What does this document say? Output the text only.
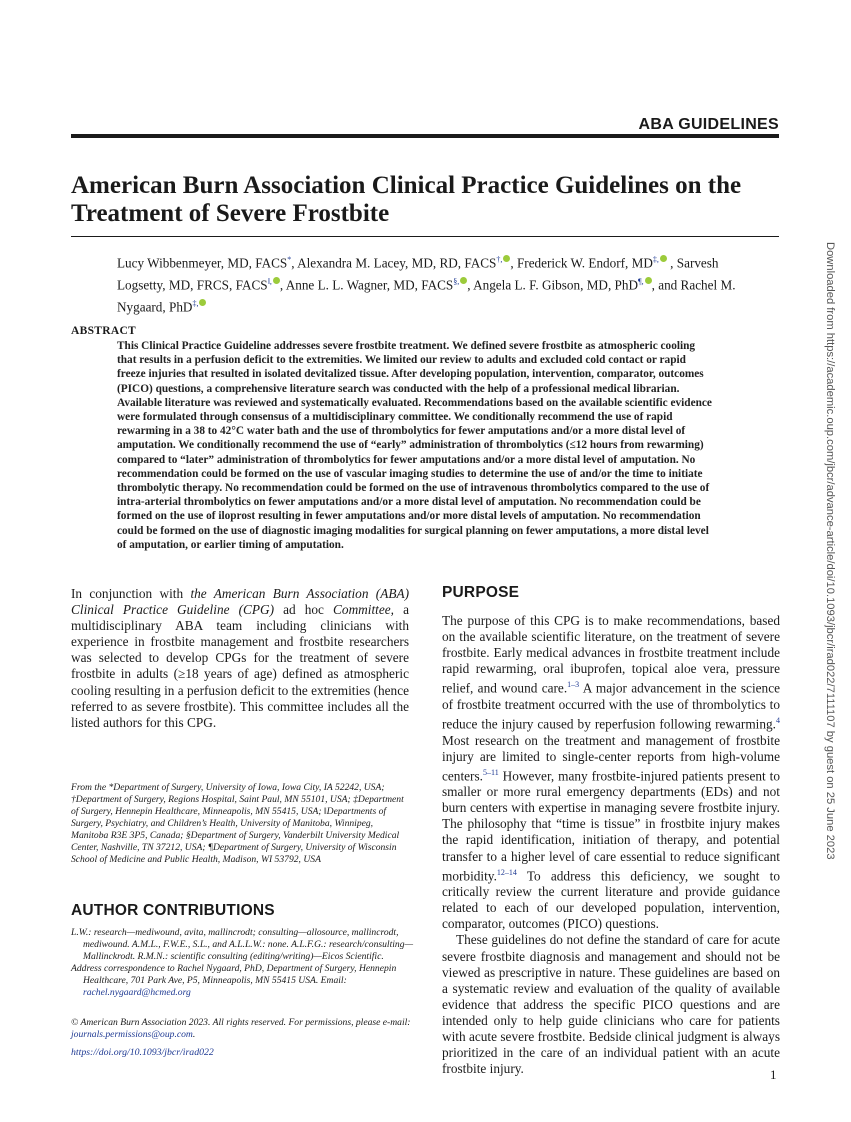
ABA GUIDELINES
American Burn Association Clinical Practice Guidelines on the Treatment of Severe Frostbite
Lucy Wibbenmeyer, MD, FACS*, Alexandra M. Lacey, MD, RD, FACS†, , Frederick W. Endorf, MD‡, , Sarvesh Logsetty, MD, FRCS, FACS‖, , Anne L. L. Wagner, MD, FACS§, , Angela L. F. Gibson, MD, PhD¶, , and Rachel M. Nygaard, PhD‡,
ABSTRACT
This Clinical Practice Guideline addresses severe frostbite treatment. We defined severe frostbite as atmospheric cooling that results in a perfusion deficit to the extremities. We limited our review to adults and excluded cold contact or rapid freeze injuries that resulted in isolated devitalized tissue. After developing population, intervention, comparator, outcomes (PICO) questions, a comprehensive literature search was conducted with the help of a professional medical librarian. Available literature was reviewed and systematically evaluated. Recommendations based on the available scientific evidence were formulated through consensus of a multidisciplinary committee. We conditionally recommend the use of rapid rewarming in a 38 to 42°C water bath and the use of thrombolytics for fewer amputations and/or a more distal level of amputation. We conditionally recommend the use of “early” administration of thrombolytics (≤12 hours from rewarming) compared to “later” administration of thrombolytics for fewer amputations and/or a more distal level of amputation. No recommendation could be formed on the use of vascular imaging studies to determine the use of and/or the time to initiate thrombolytic therapy. No recommendation could be formed on the use of intravenous thrombolytics compared to the use of intra-arterial thrombolytics on fewer amputations and/or a more distal level of amputation. No recommendation could be formed on the use of iloprost resulting in fewer amputations and/or more distal levels of amputation. No recommendation could be formed on the use of diagnostic imaging modalities for surgical planning on fewer amputations, a more distal level of amputation, or earlier timing of amputation.
In conjunction with the American Burn Association (ABA) Clinical Practice Guideline (CPG) ad hoc Committee, a multidisciplinary ABA team including clinicians with experience in frostbite management and frostbite researchers was selected to develop CPGs for the treatment of severe frostbite in adults (≥18 years of age) defined as atmospheric cooling resulting in a perfusion deficit to the extremities (hence referred to as severe frostbite). This committee includes all the listed authors for this CPG.
From the *Department of Surgery, University of Iowa, Iowa City, IA 52242, USA; †Department of Surgery, Regions Hospital, Saint Paul, MN 55101, USA; ‡Department of Surgery, Hennepin Healthcare, Minneapolis, MN 55415, USA; ‖Departments of Surgery, Psychiatry, and Children’s Health, University of Manitoba, Winnipeg, Manitoba R3E 3P5, Canada; §Department of Surgery, Vanderbilt University Medical Center, Nashville, TN 37212, USA; ¶Department of Surgery, University of Wisconsin School of Medicine and Public Health, Madison, WI 53792, USA
AUTHOR CONTRIBUTIONS

L.W.: research—mediwound, avita, mallincrodt; consulting—allosource, mallincrodt, mediwound. A.M.L., F.W.E., S.L., and A.L.L.W.: none. A.L.F.G.: research/consulting—Mallinckrodt. R.M.N.: scientific consulting (editing/writing)—Eicos Scientific.

Address correspondence to Rachel Nygaard, PhD, Department of Surgery, Hennepin Healthcare, 701 Park Ave, P5, Minneapolis, MN 55415 USA. Email: rachel.nygaard@hcmed.org

© American Burn Association 2023. All rights reserved. For permissions, please e-mail: journals.permissions@oup.com.
https://doi.org/10.1093/jbcr/irad022
PURPOSE

The purpose of this CPG is to make recommendations, based on the available scientific literature, on the treatment of severe frostbite. Early medical advances in frostbite treatment include rapid rewarming, oral ibuprofen, topical aloe vera, pressure relief, and wound care.$^{1-3}$ A major advancement in the science of frostbite treatment occurred with the use of thrombolytics to reduce the injury caused by reperfusion following rewarming.$^4$ Most research on the treatment and management of frostbite injury are limited to single-center reports from high-volume centers.$^{5-11}$ However, many frostbite-injured patients present to smaller or more rural emergency departments (EDs) and not burn centers with expertise in managing severe frostbite injury. The philosophy that “time is tissue” in frostbite injury makes the rapid identification, initiation of therapy, and potential transfer to a higher level of care essential to reduce significant morbidity.$^{12-14}$ To address this deficiency, we sought to critically review the current literature and provide guidance related to each of our developed population, intervention, comparator, outcomes (PICO) questions.

These guidelines do not define the standard of care for acute severe frostbite diagnosis and management and should not be viewed as prescriptive in nature. These guidelines are based on a systematic review and evaluation of the quality of available evidence that address the specific PICO questions and are intended only to help guide clinicians who care for patients with acute severe frostbite. Bedside clinical judgment is always prioritized in the care of an individual patient with an acute frostbite injury.

Downloaded from https://academic.oup.com/jbcr/advance-article/doi/10.1093/jbcr/irad022/7111107 by guest on 25 June 2023
1
